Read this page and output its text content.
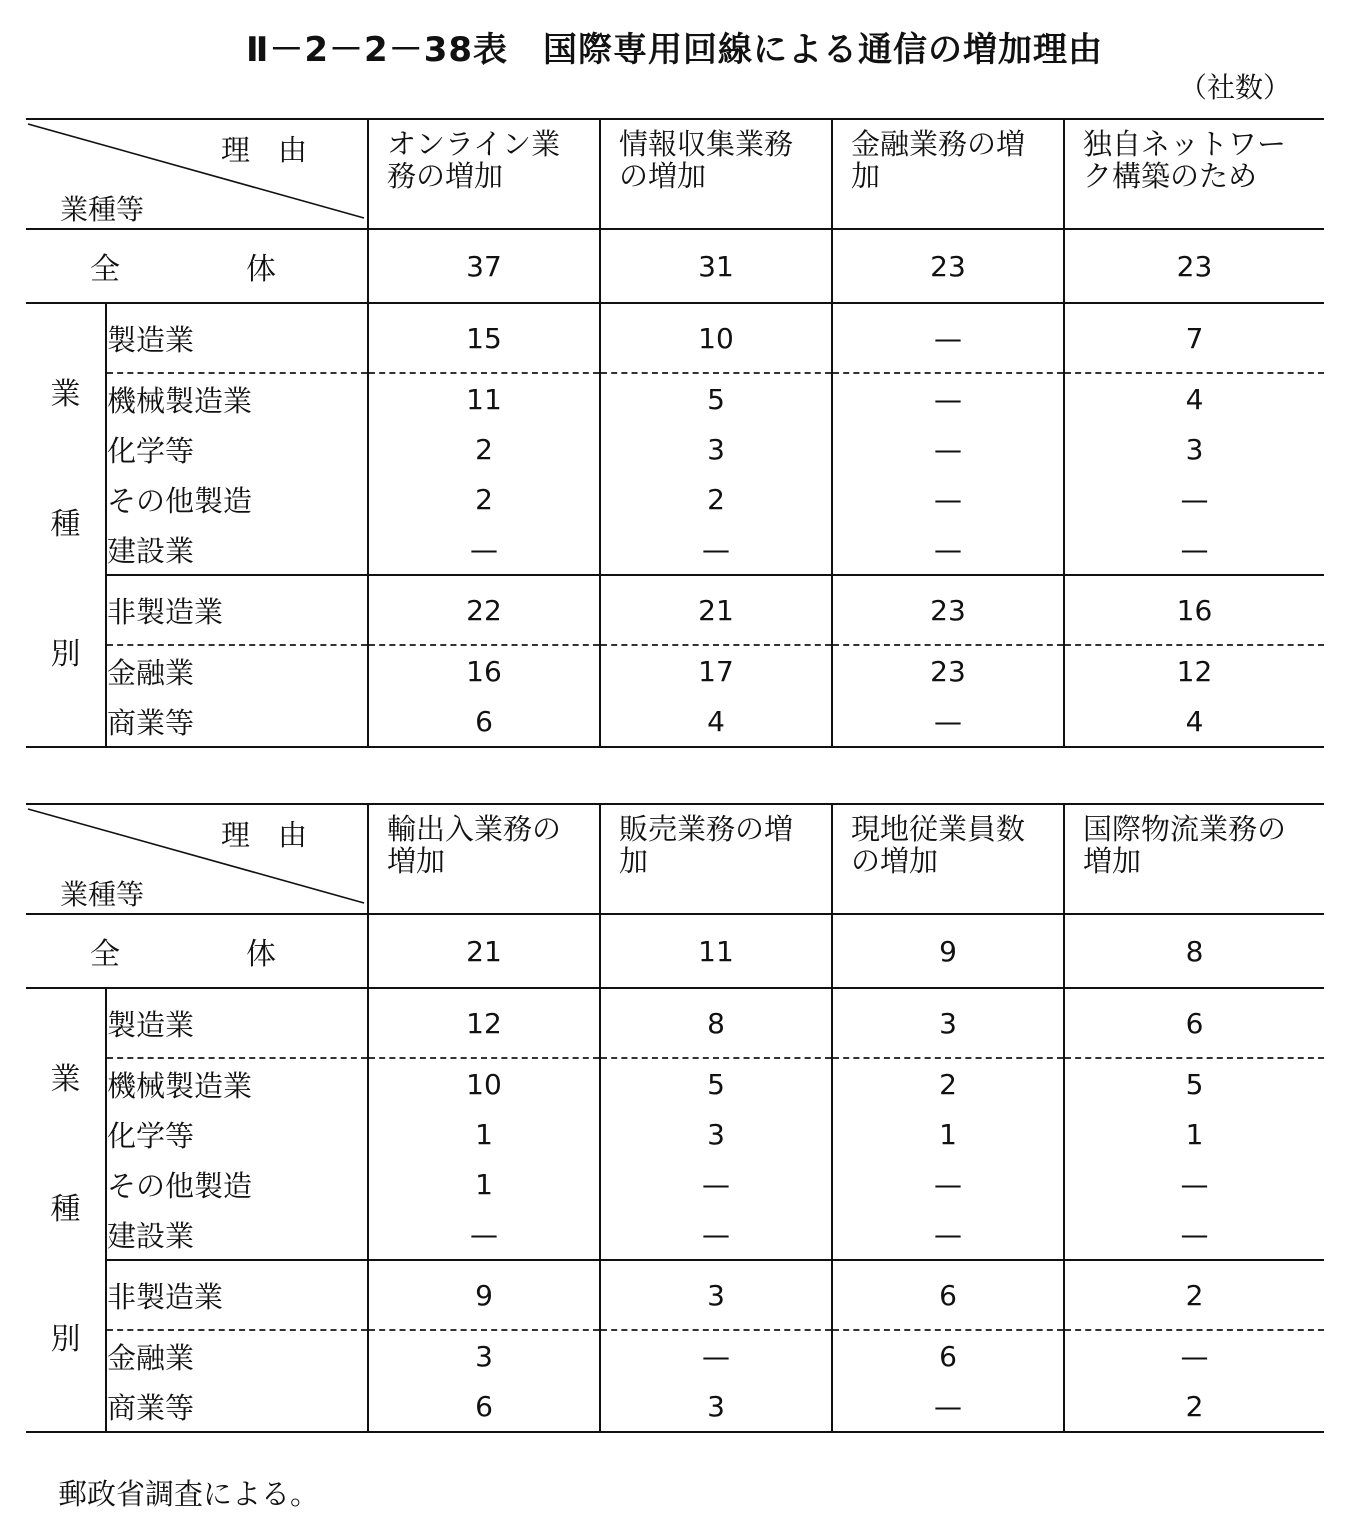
Ⅱ－2－2－38表　国際専用回線による通信の増加理由
（社数）
理由
業種等		オンライン業務の増加	情報収集業務の増加	金融業務の増加	独自ネットワーク構築のため
全 体		37	31	23	23

業
種
別	製造業	15	10	—	7
	機械製造業	11	5	—	4
	化学等	2	3	—	3
	その他製造	2	2	—	—
	建設業	—	—	—	—
	非製造業	22	21	23	16
	金融業	16	17	23	12
	商業等	6	4	—	4
理由
業種等		輸出入業務の増加	販売業務の増加	現地従業員数の増加	国際物流業務の増加
全 体		21	11	9	8

業
種
別	製造業	12	8	3	6
	機械製造業	10	5	2	5
	化学等	1	3	1	1
	その他製造	1	—	—	—
	建設業	—	—	—	—
	非製造業	9	3	6	2
	金融業	3	—	6	—
	商業等	6	3	—	2
郵政省調査による。
